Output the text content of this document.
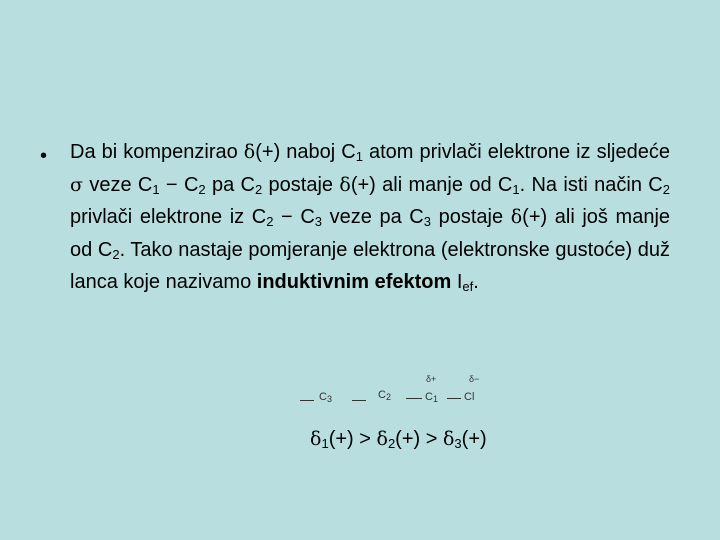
• Da bi kompenzirao δ(+) naboj $C_1$ atom privlači elektrone iz sljedeće σ veze $C_1 - C_2$ pa $C_2$ postaje δ(+) ali manje od $C_1$. Na isti način $C_2$ privlači elektrone iz $C_2 - C_3$ veze pa $C_3$ postaje δ(+) ali još manje od $C_2$. Tako nastaje pomjeranje elektrona (elektronske gustoće) duž lanca koje nazivamo induktivnim efektom $I_{ef}$.
$C_3$	$C_2$
δ+
$C_1$
δ−
Cl
$\delta_1(+) > \delta_2(+) > \delta_3(+)$
